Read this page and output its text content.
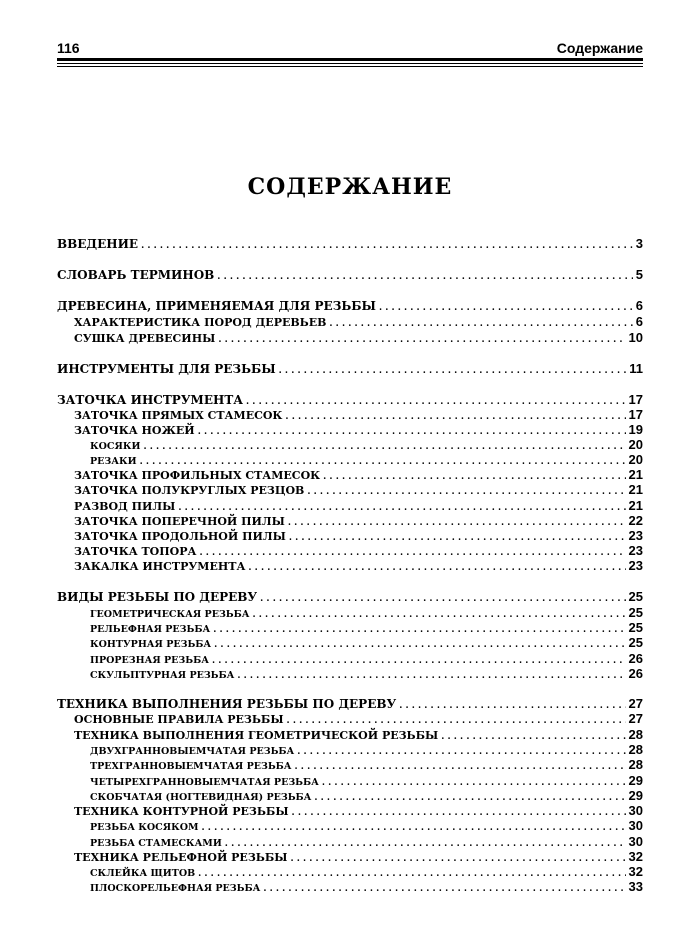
116	Содержание
СОДЕРЖАНИЕ
ВВЕДЕНИЕ . . .	3
СЛОВАРЬ ТЕРМИНОВ . . .	5
ДРЕВЕСИНА, ПРИМЕНЯЕМАЯ ДЛЯ РЕЗЬБЫ . . .	6
ХАРАКТЕРИСТИКА ПОРОД ДЕРЕВЬЕВ . . .	6
СУШКА ДРЕВЕСИНЫ . . .	10
ИНСТРУМЕНТЫ ДЛЯ РЕЗЬБЫ . . .	11
ЗАТОЧКА ИНСТРУМЕНТА . . .	17
ЗАТОЧКА ПРЯМЫХ СТАМЕСОК . . .	17
ЗАТОЧКА НОЖЕЙ . . .	19
КОСЯКИ . . .	20
РЕЗАКИ . . .	20
ЗАТОЧКА ПРОФИЛЬНЫХ СТАМЕСОК . . .	21
ЗАТОЧКА ПОЛУКРУГЛЫХ РЕЗЦОВ . . .	21
РАЗВОД ПИЛЫ . . .	21
ЗАТОЧКА ПОПЕРЕЧНОЙ ПИЛЫ . . .	22
ЗАТОЧКА ПРОДОЛЬНОЙ ПИЛЫ . . .	23
ЗАТОЧКА ТОПОРА . . .	23
ЗАКАЛКА ИНСТРУМЕНТА . . .	23
ВИДЫ РЕЗЬБЫ ПО ДЕРЕВУ . . .	25
ГЕОМЕТРИЧЕСКАЯ РЕЗЬБА . . .	25
РЕЛЬЕФНАЯ РЕЗЬБА . . .	25
КОНТУРНАЯ РЕЗЬБА . . .	25
ПРОРЕЗНАЯ РЕЗЬБА . . .	26
СКУЛЬПТУРНАЯ РЕЗЬБА . . .	26
ТЕХНИКА ВЫПОЛНЕНИЯ РЕЗЬБЫ ПО ДЕРЕВУ . . .	27
ОСНОВНЫЕ ПРАВИЛА РЕЗЬБЫ . . .	27
ТЕХНИКА ВЫПОЛНЕНИЯ ГЕОМЕТРИЧЕСКОЙ РЕЗЬБЫ . . .	28
ДВУХГРАННОВЫЕМЧАТАЯ РЕЗЬБА . . .	28
ТРЕХГРАННОВЫЕМЧАТАЯ РЕЗЬБА . . .	28
ЧЕТЫРЕХГРАННОВЫЕМЧАТАЯ РЕЗЬБА . . .	29
СКОБЧАТАЯ (НОГТЕВИДНАЯ) РЕЗЬБА . . .	29
ТЕХНИКА КОНТУРНОЙ РЕЗЬБЫ . . .	30
РЕЗЬБА КОСЯКОМ . . .	30
РЕЗЬБА СТАМЕСКАМИ . . .	30
ТЕХНИКА РЕЛЬЕФНОЙ РЕЗЬБЫ . . .	32
СКЛЕЙКА ЩИТОВ . . .	32
ПЛОСКОРЕЛЬЕФНАЯ РЕЗЬБА . . .	33
